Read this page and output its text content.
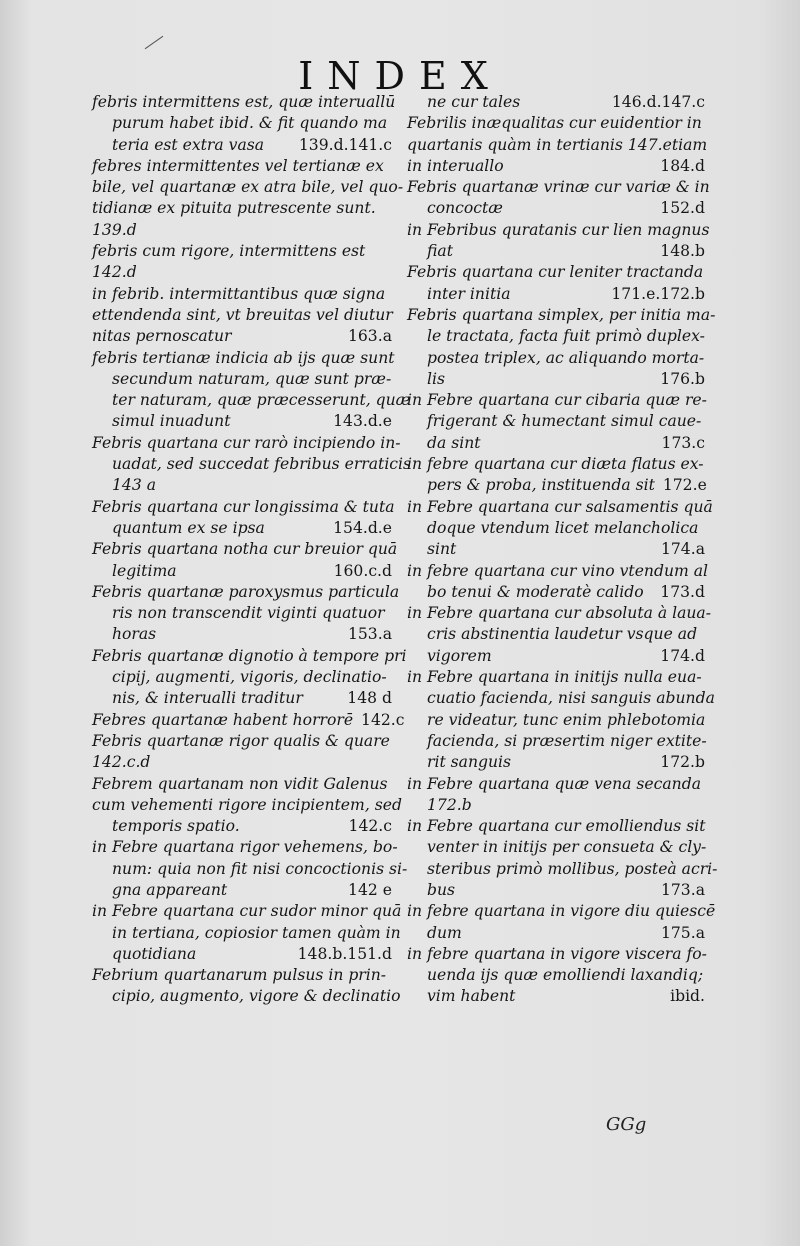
INDEX
febris intermittens est, quæ interuallū
purum habet ibid. & fit quando ma
teria est extra vasa 139.d.141.c
febres intermittentes vel tertianæ ex
bile, vel quartanæ ex atra bile, vel quo-
tidianæ ex pituita putrescente sunt.
139.d
febris cum rigore, intermittens est
142.d
in febrib. intermittantibus quæ signa
ettendenda sint, vt breuitas vel diutur
nitas pernoscatur	163.a
febris tertianæ indicia ab ijs quæ sunt
secundum naturam, quæ sunt præ-
ter naturam, quæ præcesserunt, quæ
simul inuadunt	143.d.e
Febris quartana cur rarò incipiendo in-
uadat, sed succedat febribus erraticis
143 a
Febris quartana cur longissima & tuta
quantum ex se ipsa	154.d.e
Febris quartana notha cur breuior quā
legitima	160.c.d
Febris quartanæ paroxysmus particula
ris non transcendit viginti quatuor
horas	153.a
Febris quartanæ dignotio à tempore pri
cipij, augmenti, vigoris, declinatio-
nis, & interualli traditur	148 d
Febres quartanæ habent horrorē 142.c
Febris quartanæ rigor qualis & quare
142.c.d
Febrem quartanam non vidit Galenus
cum vehementi rigore incipientem, sed
temporis spatio.	142.c
in Febre quartana rigor vehemens, bo-
num: quia non fit nisi concoctionis si-
gna appareant	142 e
in Febre quartana cur sudor minor quā
in tertiana, copiosior tamen quàm in
quotidiana	148.b.151.d
Febrium quartanarum pulsus in prin-
cipio, augmento, vigore & declinatio
ne cur tales	146.d.147.c
Febrilis inæqualitas cur euidentior in
quartanis quàm in tertianis 147.etiam
in interuallo	184.d
Febris quartanæ vrinæ cur variæ & in
concoctæ	152.d
in Febribus quratanis cur lien magnus
fiat	148.b
Febris quartana cur leniter tractanda
inter initia	171.e.172.b
Febris quartana simplex, per initia ma-
le tractata, facta fuit primò duplex-
postea triplex, ac aliquando morta-
lis	176.b
in Febre quartana cur cibaria quæ re-
frigerant & humectant simul caue-
da sint	173.c
in febre quartana cur diæta flatus ex-
pers & proba, instituenda sit 172.e
in Febre quartana cur salsamentis quā
doque vtendum licet melancholica
sint	174.a
in febre quartana cur vino vtendum al
bo tenui & moderatè calido 173.d
in Febre quartana cur absoluta à laua-
cris abstinentia laudetur vsque ad
vigorem	174.d
in Febre quartana in initijs nulla eua-
cuatio facienda, nisi sanguis abunda
re videatur, tunc enim phlebotomia
facienda, si præsertim niger extite-
rit sanguis	172.b
in Febre quartana quæ vena secanda
172.b
in Febre quartana cur emolliendus sit
venter in initijs per consueta & cly-
steribus primò mollibus, posteà acri-
bus	173.a
in febre quartana in vigore diu quiescē
dum	175.a
in febre quartana in vigore viscera fo-
uenda ijs quæ emolliendi laxandiq;
vim habent	ibid.
GGg
